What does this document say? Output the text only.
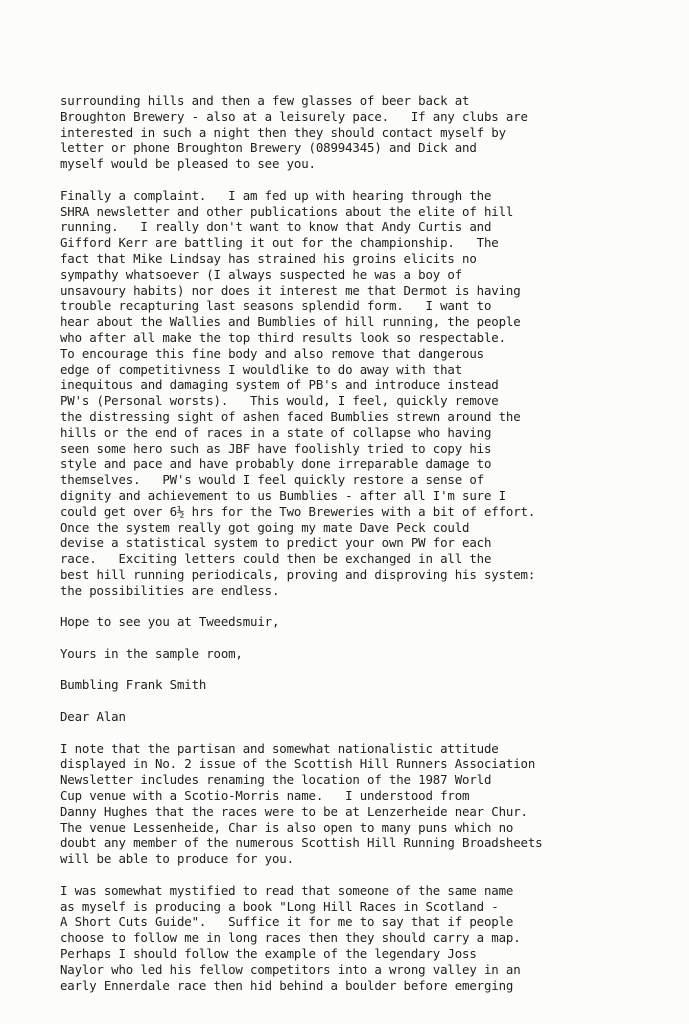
surrounding hills and then a few glasses of beer back at
Broughton Brewery - also at a leisurely pace.   If any clubs are
interested in such a night then they should contact myself by
letter or phone Broughton Brewery (08994345) and Dick and
myself would be pleased to see you.
Finally a complaint.   I am fed up with hearing through the
SHRA newsletter and other publications about the elite of hill
running.   I really don't want to know that Andy Curtis and
Gifford Kerr are battling it out for the championship.   The
fact that Mike Lindsay has strained his groins elicits no
sympathy whatsoever (I always suspected he was a boy of
unsavoury habits) nor does it interest me that Dermot is having
trouble recapturing last seasons splendid form.   I want to
hear about the Wallies and Bumblies of hill running, the people
who after all make the top third results look so respectable.
To encourage this fine body and also remove that dangerous
edge of competitivness I wouldlike to do away with that
inequitous and damaging system of PB's and introduce instead
PW's (Personal worsts).   This would, I feel, quickly remove
the distressing sight of ashen faced Bumblies strewn around the
hills or the end of races in a state of collapse who having
seen some hero such as JBF have foolishly tried to copy his
style and pace and have probably done irreparable damage to
themselves.   PW's would I feel quickly restore a sense of
dignity and achievement to us Bumblies - after all I'm sure I
could get over 6½ hrs for the Two Breweries with a bit of effort.
Once the system really got going my mate Dave Peck could
devise a statistical system to predict your own PW for each
race.   Exciting letters could then be exchanged in all the
best hill running periodicals, proving and disproving his system:
the possibilities are endless.
Hope to see you at Tweedsmuir,
Yours in the sample room,
Bumbling Frank Smith
Dear Alan
I note that the partisan and somewhat nationalistic attitude
displayed in No. 2 issue of the Scottish Hill Runners Association
Newsletter includes renaming the location of the 1987 World
Cup venue with a Scotio-Morris name.   I understood from
Danny Hughes that the races were to be at Lenzerheide near Chur.
The venue Lessenheide, Char is also open to many puns which no
doubt any member of the numerous Scottish Hill Running Broadsheets
will be able to produce for you.
I was somewhat mystified to read that someone of the same name
as myself is producing a book "Long Hill Races in Scotland -
A Short Cuts Guide".   Suffice it for me to say that if people
choose to follow me in long races then they should carry a map.
Perhaps I should follow the example of the legendary Joss
Naylor who led his fellow competitors into a wrong valley in an
early Ennerdale race then hid behind a boulder before emerging
